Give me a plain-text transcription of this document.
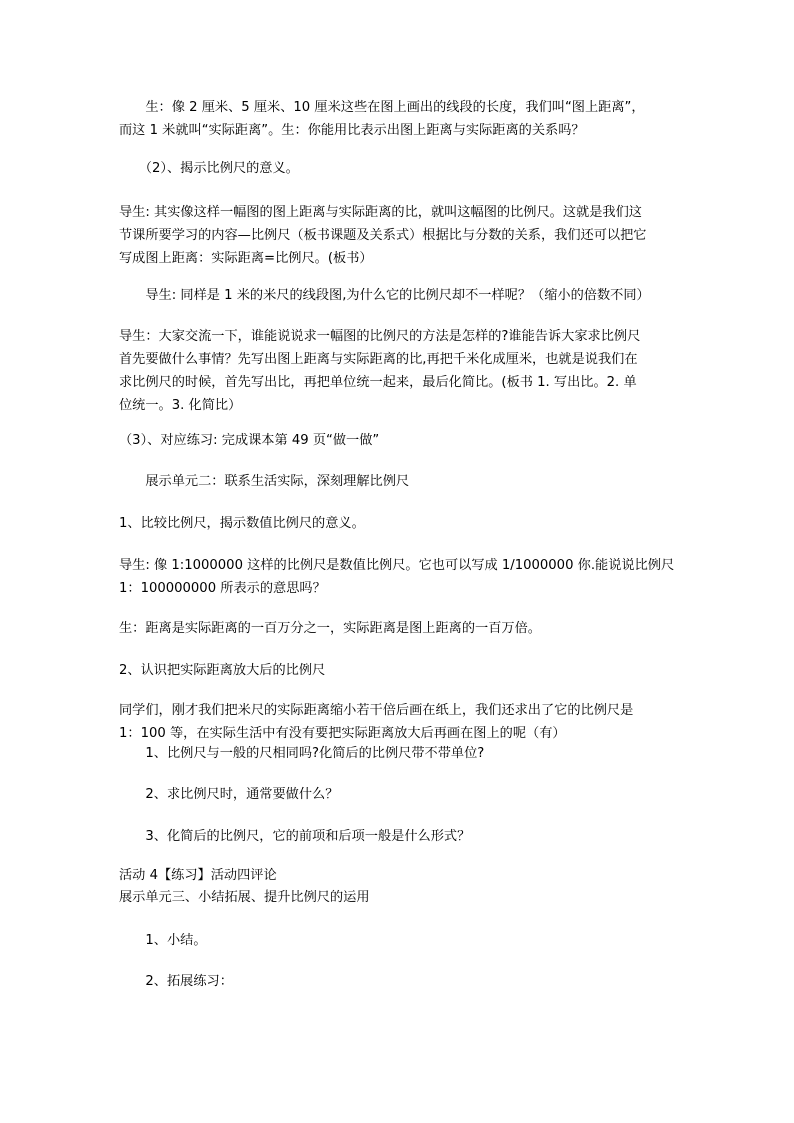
　　生：像 2 厘米、5 厘米、10 厘米这些在图上画出的线段的长度，我们叫“图上距离”，
而这 1 米就叫“实际距离”。生：你能用比表示出图上距离与实际距离的关系吗？
　　（2）、揭示比例尺的意义。
导生: 其实像这样一幅图的图上距离与实际距离的比，就叫这幅图的比例尺。这就是我们这
节课所要学习的内容—比例尺（板书课题及关系式）根据比与分数的关系，我们还可以把它
写成图上距离：实际距离=比例尺。(板书）
　　导生: 同样是 1 米的米尺的线段图,为什么它的比例尺却不一样呢？（缩小的倍数不同）
导生：大家交流一下，谁能说说求一幅图的比例尺的方法是怎样的?谁能告诉大家求比例尺
首先要做什么事情？先写出图上距离与实际距离的比,再把千米化成厘米，也就是说我们在
求比例尺的时候，首先写出比，再把单位统一起来，最后化简比。(板书 1. 写出比。2. 单
位统一。3. 化简比）
（3）、对应练习: 完成课本第 49 页“做一做”
　　展示单元二：联系生活实际，深刻理解比例尺
1、比较比例尺，揭示数值比例尺的意义。
导生: 像 1:1000000 这样的比例尺是数值比例尺。它也可以写成 1/1000000 你.能说说比例尺
1：100000000 所表示的意思吗？
生：距离是实际距离的一百万分之一，实际距离是图上距离的一百万倍。
2、认识把实际距离放大后的比例尺
同学们，刚才我们把米尺的实际距离缩小若干倍后画在纸上，我们还求出了它的比例尺是
1：100 等，在实际生活中有没有要把实际距离放大后再画在图上的呢（有）
　　1、比例尺与一般的尺相同吗?化简后的比例尺带不带单位?
　　2、求比例尺时，通常要做什么？
　　3、化简后的比例尺，它的前项和后项一般是什么形式？
活动 4【练习】活动四评论
展示单元三、小结拓展、提升比例尺的运用
　　1、小结。
　　2、拓展练习：
